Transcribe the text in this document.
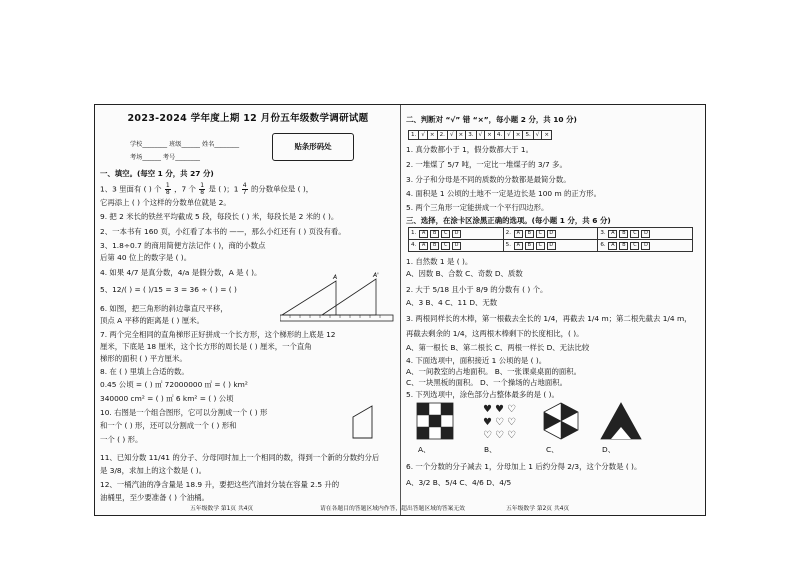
2023-2024 学年度上期 12 月份五年级数学调研试题
学校________ 班级______ 姓名________
考场______ 考号________
贴条形码处
一、填空。(每空 1 分，共 27 分)
1、3 里面有 ( ) 个 $\frac{1}{8}$ ，7 个 $\frac{1}{8}$ 是 ( )；$1 \frac{4}{7}$ 的分数单位是 ( )，
它再添上 ( ) 个这样的分数单位就是 2。
9. 把 2 米长的铁丝平均截成 5 段，每段长 ( ) 米，每段长是 2 米的 ( )。
2、一本书有 160 页，小红看了本书的 ——，那么小红还有 ( ) 页没有看。
3、1.8÷0.7 的商用简便方法记作 ( )，商的小数点
后第 40 位上的数字是 ( )。
4. 如果 4/7 是真分数，4/a 是假分数，A 是 ( )。
5、12/( ) = ( )/15 = 3 = 36 ÷ ( ) = ( )
6. 如图，把三角形的斜边靠直尺平移，
顶点 A 平移的距离是 ( ) 厘米。
A	A'
7. 两个完全相同的直角梯形正好拼成一个长方形，这个梯形的上底是 12
厘米，下底是 18 厘米，这个长方形的周长是 ( ) 厘米，一个直角
梯形的面积 ( ) 平方厘米。
8. 在 ( ) 里填上合适的数。
0.45 公顷 = ( ) ㎡ 72000000 ㎡ = ( ) km²
340000 cm² = ( ) ㎡ 6 km² = ( ) 公顷
10. 右图是一个组合图形，它可以分割成一个 ( ) 形
和一个 ( ) 形，还可以分割成一个 ( ) 形和
一个 ( ) 形。
11、已知分数 11/41 的分子、分母同时加上一个相同的数，得到一个新的分数约分后
是 3/8，求加上的这个数是 ( )。
12、一桶汽油的净含量是 18.9 升，要把这些汽油封分装在容量 2.5 升的
油桶里，至少要准备 ( ) 个油桶。
五年级数学 第1页 共4页	请在各题目的答题区域内作答，超出答题区域的答案无效
二、判断对 “√” 错 “×”，每小题 2 分，共 10 分)
1.	√	×	2.	√	×	3.	√	×	4.	√	×	5.	√	×
1. 真分数都小于 1，假分数都大于 1。
2. 一堆煤了 5/7 吨，一定比一堆煤子的 3/7 多。
3. 分子和分母是不同的质数的分数都是最简分数。
4. 面积是 1 公顷的土地不一定是边长是 100 m 的正方形。
5. 两个三角形一定能拼成一个平行四边形。
三、选择，在涂卡区涂黑正确的选项。(每小题 1 分，共 6 分)
1. A B C D	2. A B C D	3. A B C D
4. A B C D	5. A B C D	6. A B C D
1. 自然数 1 是 ( )。
A、因数 B、合数 C、奇数 D、质数
2. 大于 5/18 且小于 8/9 的分数有 ( ) 个。
A、3 B、4 C、11 D、无数
3. 两根同样长的木棒，第一根截去全长的 1/4，再截去 1/4 m；第二根先截去 1/4 m，
再截去剩余的 1/4，这两根木棒剩下的长度相比，( )。
A、第一根长 B、第二根长 C、两根一样长 D、无法比较
4. 下面选项中，面积接近 1 公顷的是 ( )。
A、一间教室的占地面积。 B、一张课桌桌面的面积。
C、一块黑板的面积。 D、一个操场的占地面积。
5. 下列选项中，涂色部分占整体最多的是 ( )。
♥ ♥ ♡
♥ ♡ ♡
♡ ♡ ♡
A、	B、	C、	D、
6. 一个分数的分子减去 1，分母加上 1 后约分得 2/3，这个分数是 ( )。
A、3/2 B、5/4 C、4/6 D、4/5
五年级数学 第2页 共4页
